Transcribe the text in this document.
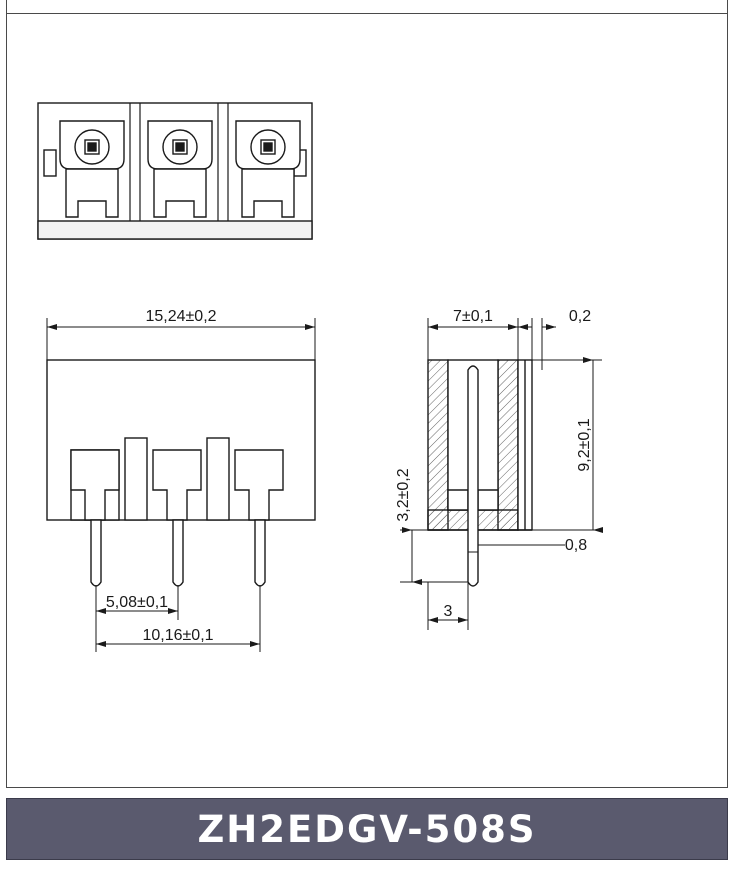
15,24±0,2
5,08±0,1
10,16±0,1
7±0,1	0,2
9,2±0,1
3,2±0,2
0,8
3
ZH2EDGV-508S
